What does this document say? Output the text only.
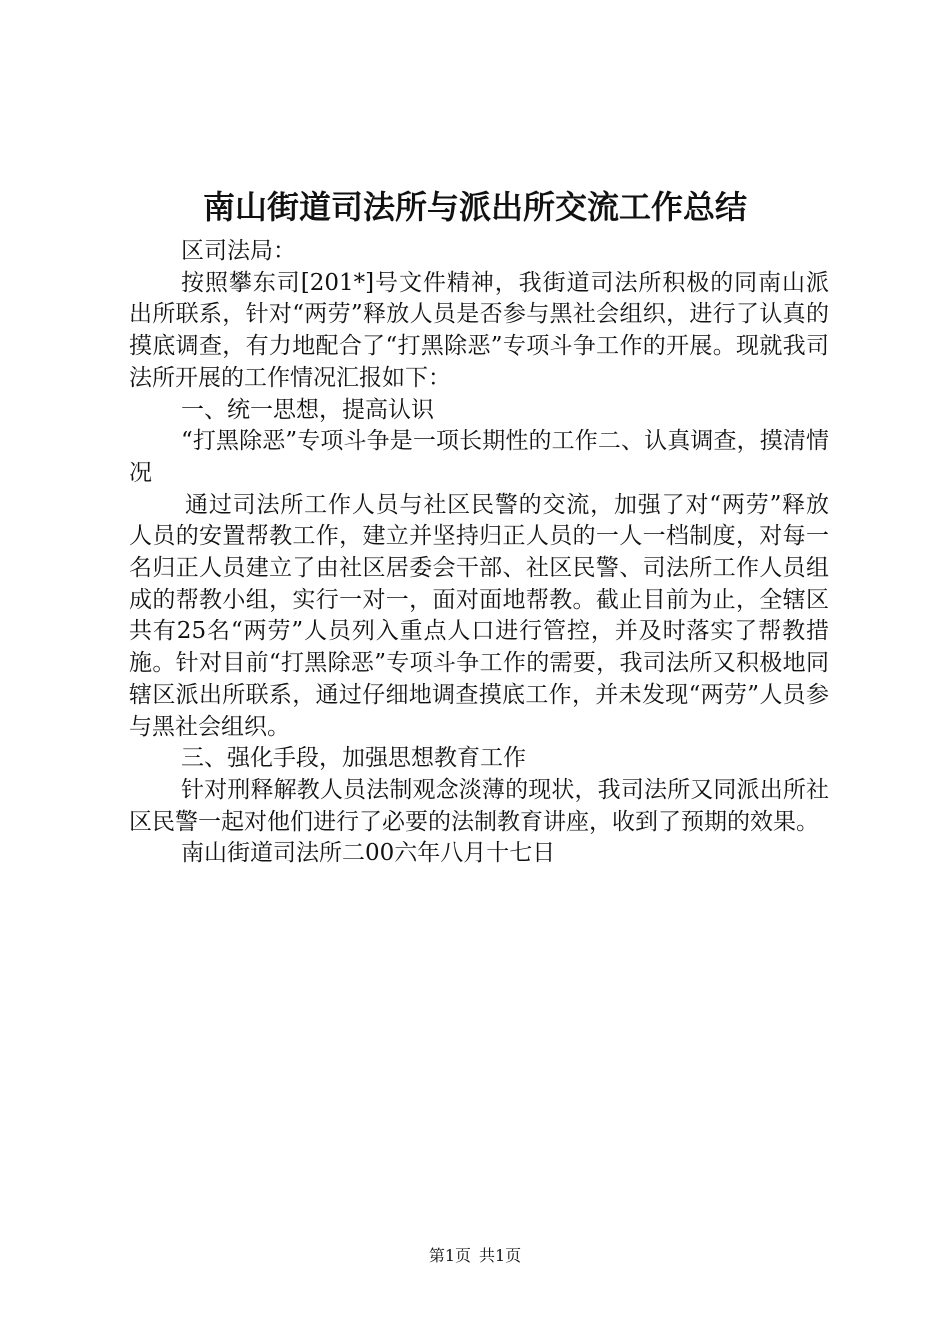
南山街道司法所与派出所交流工作总结

区司法局：

按照攀东司[201*]号文件精神，我街道司法所积极的同南山派出所联系，针对“两劳”释放人员是否参与黑社会组织，进行了认真的摸底调查，有力地配合了“打黑除恶”专项斗争工作的开展。现就我司法所开展的工作情况汇报如下：

一、统一思想，提高认识

“打黑除恶”专项斗争是一项长期性的工作二、认真调查，摸清情况

通过司法所工作人员与社区民警的交流，加强了对“两劳”释放人员的安置帮教工作，建立并坚持归正人员的一人一档制度，对每一名归正人员建立了由社区居委会干部、社区民警、司法所工作人员组成的帮教小组，实行一对一，面对面地帮教。截止目前为止，全辖区共有25名“两劳”人员列入重点人口进行管控，并及时落实了帮教措施。针对目前“打黑除恶”专项斗争工作的需要，我司法所又积极地同辖区派出所联系，通过仔细地调查摸底工作，并未发现“两劳”人员参与黑社会组织。

三、强化手段，加强思想教育工作

针对刑释解教人员法制观念淡薄的现状，我司法所又同派出所社区民警一起对他们进行了必要的法制教育讲座，收到了预期的效果。

南山街道司法所二00六年八月十七日

第1页 共1页
